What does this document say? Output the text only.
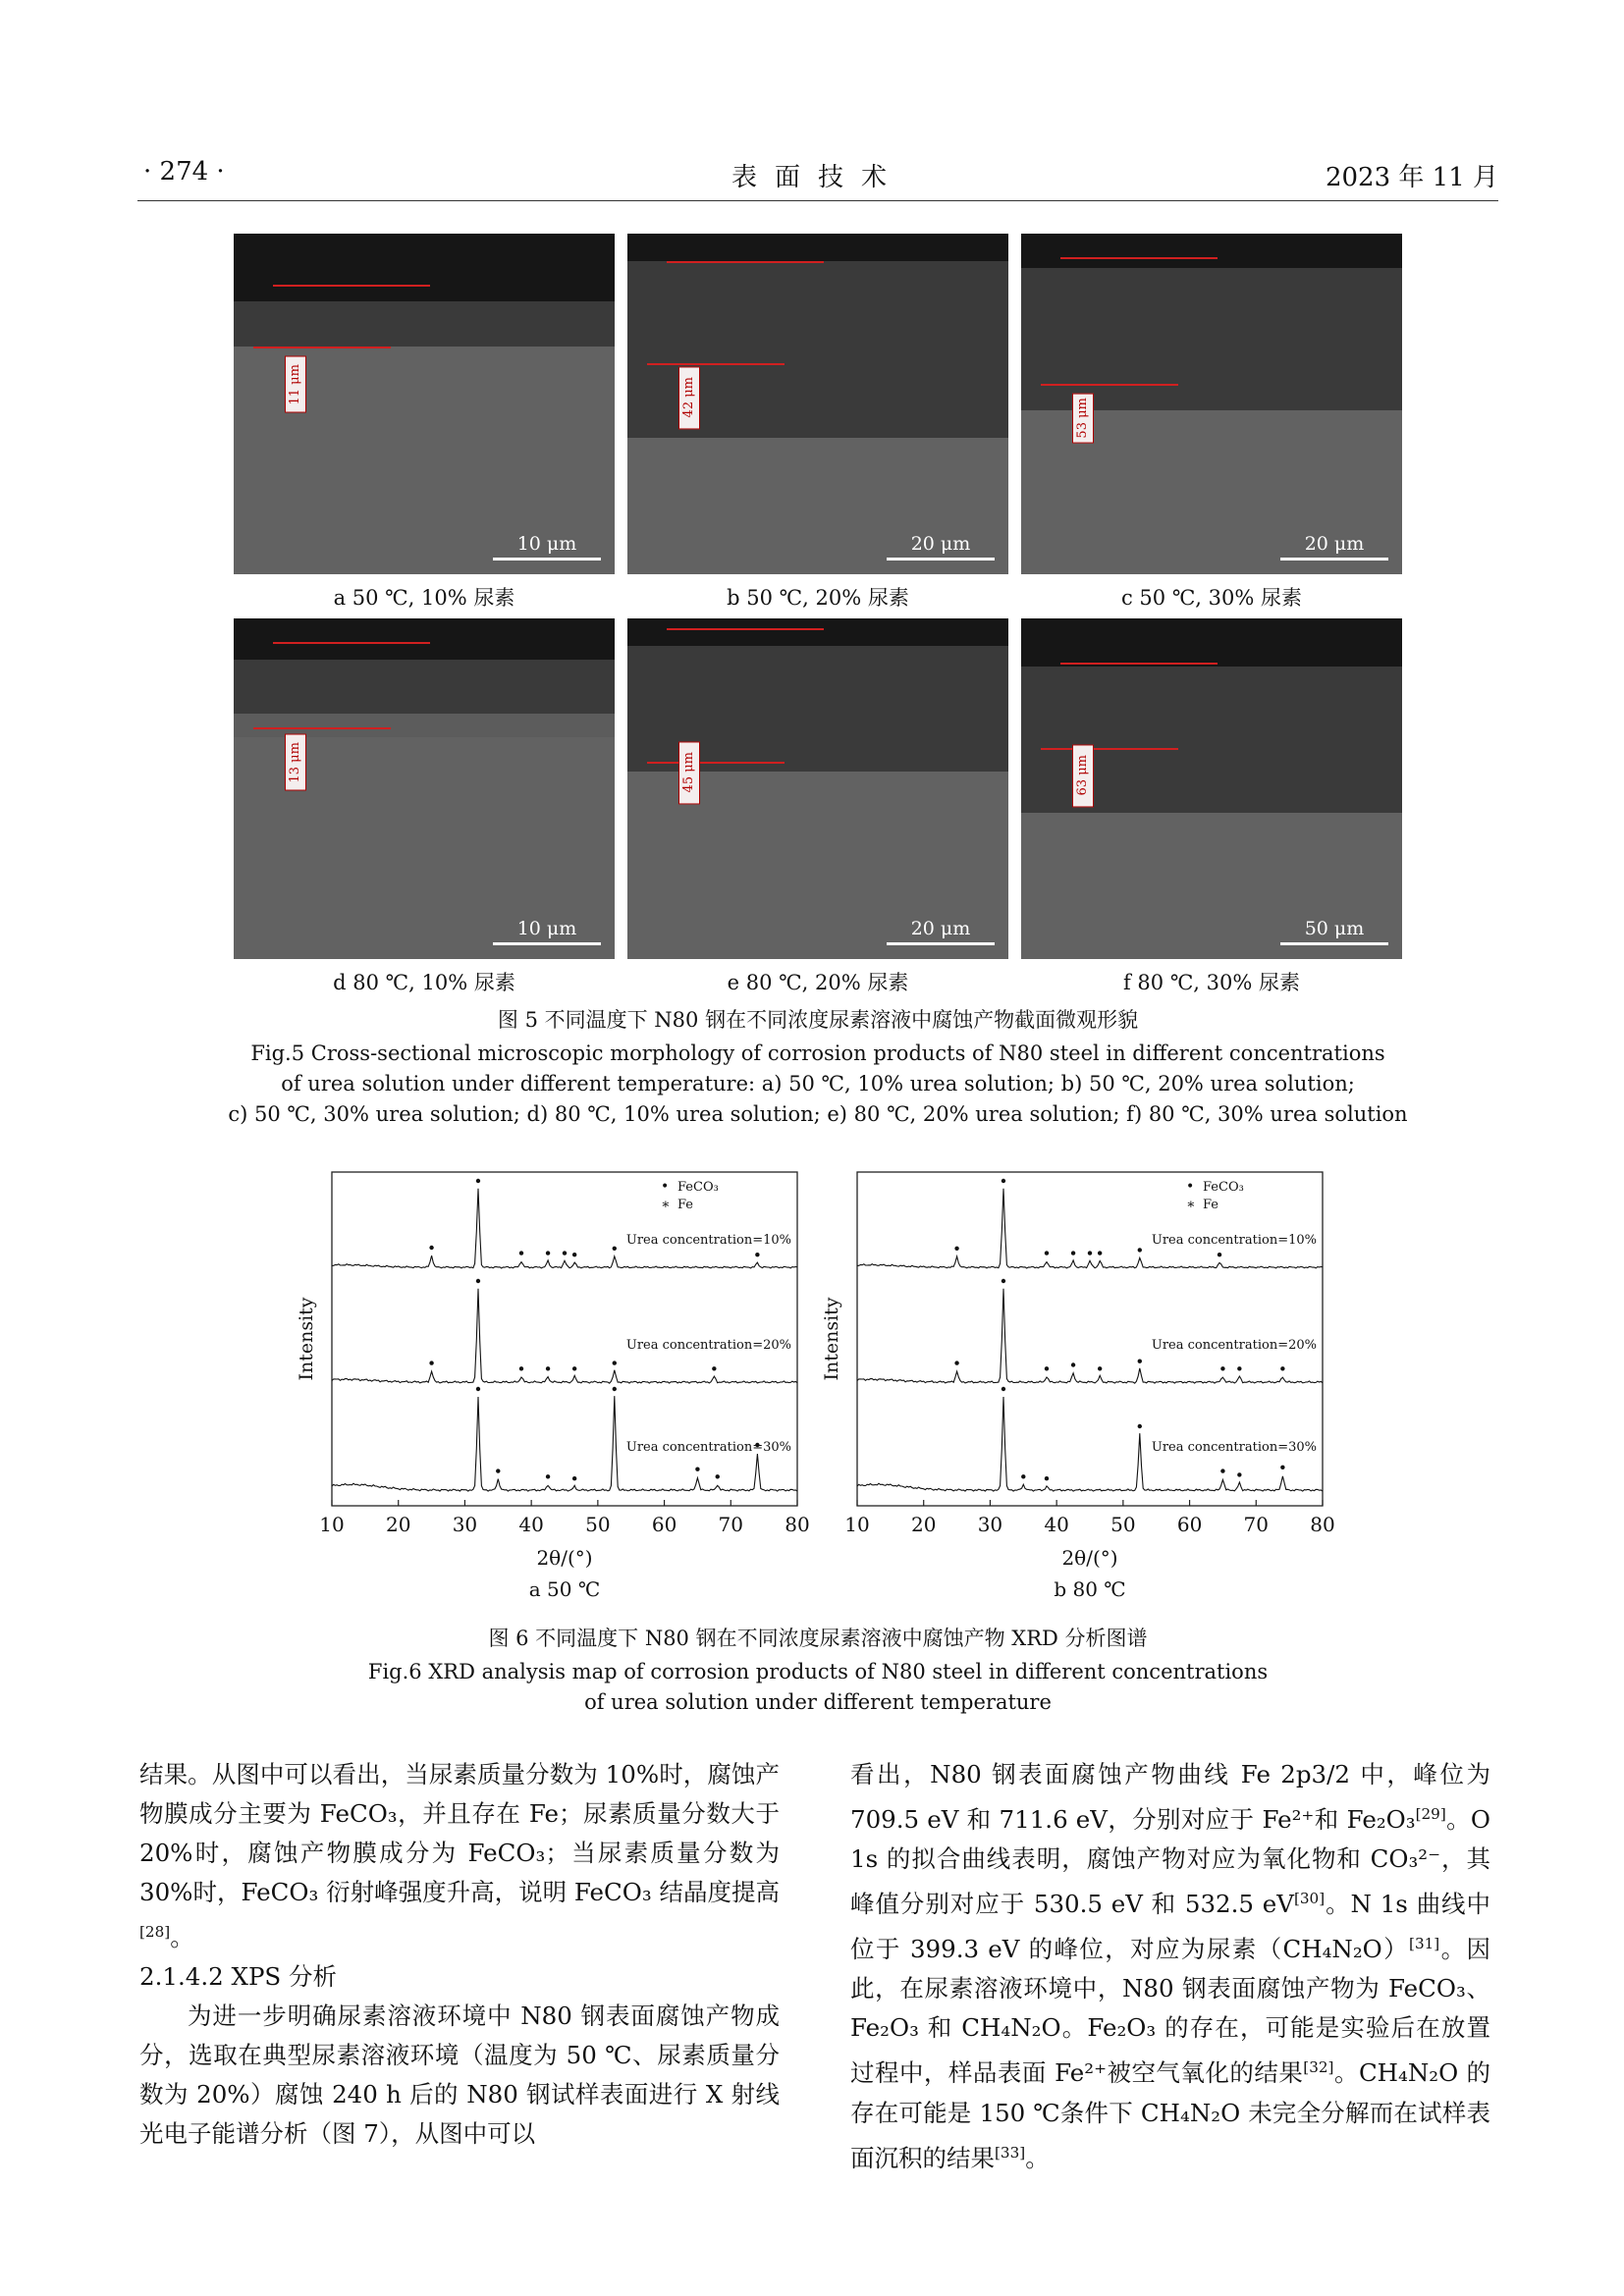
· 274 ·	表面技术	2023 年 11 月
11 μm
10 μm
a 50 ℃, 10% 尿素
42 μm
20 μm
b 50 ℃, 20% 尿素
53 μm
20 μm
c 50 ℃, 30% 尿素
13 μm
10 μm
d 80 ℃, 10% 尿素
45 μm
20 μm
e 80 ℃, 20% 尿素
63 μm
50 μm
f 80 ℃, 30% 尿素
图 5 不同温度下 N80 钢在不同浓度尿素溶液中腐蚀产物截面微观形貌
Fig.5 Cross-sectional microscopic morphology of corrosion products of N80 steel in different concentrations
of urea solution under different temperature: a) 50 ℃, 10% urea solution; b) 50 ℃, 20% urea solution;
c) 50 ℃, 30% urea solution; d) 80 ℃, 10% urea solution; e) 80 ℃, 20% urea solution; f) 80 ℃, 30% urea solution
10 20 30 40 50 60 70 80
Intensity
2θ/(°)
a 50 ℃
• FeCO₃
∗ Fe
Urea concentration=10%
Urea concentration=20%
Urea concentration=30%
10 20 30 40 50 60 70 80
Intensity
2θ/(°)
b 80 ℃
• FeCO₃
∗ Fe
Urea concentration=10%
Urea concentration=20%
Urea concentration=30%
图 6 不同温度下 N80 钢在不同浓度尿素溶液中腐蚀产物 XRD 分析图谱
Fig.6 XRD analysis map of corrosion products of N80 steel in different concentrations
of urea solution under different temperature

结果。从图中可以看出，当尿素质量分数为 10%时，腐蚀产物膜成分主要为 FeCO₃，并且存在 Fe；尿素质量分数大于 20%时，腐蚀产物膜成分为 FeCO₃；当尿素质量分数为 30%时，FeCO₃ 衍射峰强度升高，说明 FeCO₃ 结晶度提高[28]。

2.1.4.2 XPS 分析

为进一步明确尿素溶液环境中 N80 钢表面腐蚀产物成分，选取在典型尿素溶液环境（温度为 50 ℃、尿素质量分数为 20%）腐蚀 240 h 后的 N80 钢试样表面进行 X 射线光电子能谱分析（图 7），从图中可以

看出，N80 钢表面腐蚀产物曲线 Fe 2p3/2 中，峰位为 709.5 eV 和 711.6 eV，分别对应于 Fe²⁺和 Fe₂O₃[29]。O 1s 的拟合曲线表明，腐蚀产物对应为氧化物和 CO₃²⁻，其峰值分别对应于 530.5 eV 和 532.5 eV[30]。N 1s 曲线中位于 399.3 eV 的峰位，对应为尿素（CH₄N₂O）[31]。因此，在尿素溶液环境中，N80 钢表面腐蚀产物为 FeCO₃、Fe₂O₃ 和 CH₄N₂O。Fe₂O₃ 的存在，可能是实验后在放置过程中，样品表面 Fe²⁺被空气氧化的结果[32]。CH₄N₂O 的存在可能是 150 ℃条件下 CH₄N₂O 未完全分解而在试样表面沉积的结果[33]。
